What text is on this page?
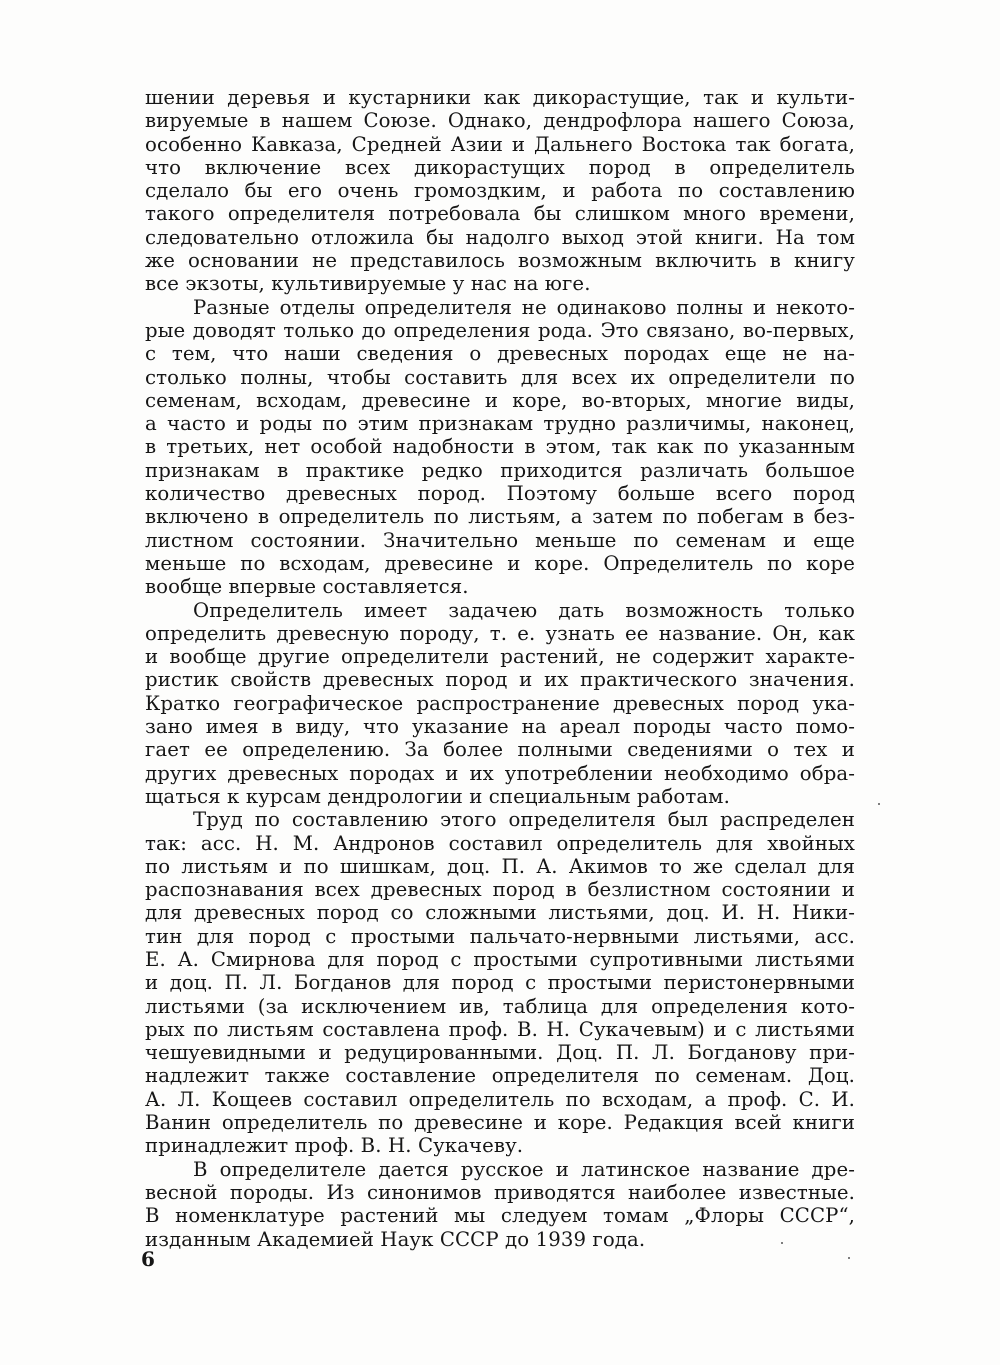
шении деревья и кустарники как дикорастущие, так и культи-
вируемые в нашем Союзе. Однако, дендрофлора нашего Союза,
особенно Кавказа, Средней Азии и Дальнего Востока так богата,
что включение всех дикорастущих пород в определитель
сделало бы его очень громоздким, и работа по составлению
такого определителя потребовала бы слишком много времени,
следовательно отложила бы надолго выход этой книги. На том
же основании не представилось возможным включить в книгу
все экзоты, культивируемые у нас на юге.
Разные отделы определителя не одинаково полны и некото-
рые доводят только до определения рода. Это связано, во-первых,
с тем, что наши сведения о древесных породах еще не на-
столько полны, чтобы составить для всех их определители по
семенам, всходам, древесине и коре, во-вторых, многие виды,
а часто и роды по этим признакам трудно различимы, наконец,
в третьих, нет особой надобности в этом, так как по указанным
признакам в практике редко приходится различать большое
количество древесных пород. Поэтому больше всего пород
включено в определитель по листьям, а затем по побегам в без-
листном состоянии. Значительно меньше по семенам и еще
меньше по всходам, древесине и коре. Определитель по коре
вообще впервые составляется.
Определитель имеет задачею дать возможность только
определить древесную породу, т. е. узнать ее название. Он, как
и вообще другие определители растений, не содержит характе-
ристик свойств древесных пород и их практического значения.
Кратко географическое распространение древесных пород ука-
зано имея в виду, что указание на ареал породы часто помо-
гает ее определению. За более полными сведениями о тех и
других древесных породах и их употреблении необходимо обра-
щаться к курсам дендрологии и специальным работам.
Труд по составлению этого определителя был распределен
так: асс. Н. М. Андронов составил определитель для хвойных
по листьям и по шишкам, доц. П. А. Акимов то же сделал для
распознавания всех древесных пород в безлистном состоянии и
для древесных пород со сложными листьями, доц. И. Н. Ники-
тин для пород с простыми пальчато-нервными листьями, асс.
Е. А. Смирнова для пород с простыми супротивными листьями
и доц. П. Л. Богданов для пород с простыми перистонервными
листьями (за исключением ив, таблица для определения кото-
рых по листьям составлена проф. В. Н. Сукачевым) и с листьями
чешуевидными и редуцированными. Доц. П. Л. Богданову при-
надлежит также составление определителя по семенам. Доц.
А. Л. Кощеев составил определитель по всходам, а проф. С. И.
Ванин определитель по древесине и коре. Редакция всей книги
принадлежит проф. В. Н. Сукачеву.
В определителе дается русское и латинское название дре-
весной породы. Из синонимов приводятся наиболее известные.
В номенклатуре растений мы следуем томам „Флоры СССР“,
изданным Академией Наук СССР до 1939 года.
6
